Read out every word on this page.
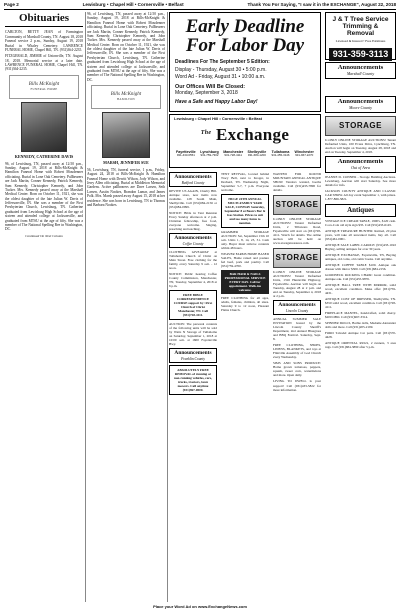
Page 2	Lewisburg • Chapel Hill • Cornersville • Belfast	Thank You For Saying, "I saw it in the EXCHANGE", August 22, 2018
Obituaries

CARLTON, BETTY JEAN of Farmington Community of Marshall County, TN. August 18, 2018 Funeral service 2 p.m., Sunday, August 19, 2018 Burial in Whaley Cemetery. LAWRENCE FUNERAL HOME, Chapel Hill, TN. (931)364-2235.

FITZGERALD, JIMMIE of Unionville, TN. August 18, 2018. Memorial service at a later date. LAWRENCE FUNERAL HOME, Chapel Hill, TN. (931)364-2235.

Bills McKnight
FUNERAL HOME
KENNEDY, CATHERINE DAVIS

96, of Lewisburg, TN, passed away at 12:50 p.m., Sunday, August 19, 2018 at Bills-McKnight & Hamilton Funeral Home with Robert Moudenner officiating. Burial in Lone Oak Cemetery. Pallbearers are Jack Martin, Conner Kennedy, Patrick Kennedy, Sam Kennedy, Christopher Kennedy, and John Tucker. Mrs. Kennedy passed away at the Marshall Medical Center. Born on October 11, 1921, she was the oldest daughter of the late Julian W. Davis of Jeffersonville, IN. She was a member of the First Presbyterian Church, Lewisburg, TN. Catherine graduated from Lewisburg High School at the age of sixteen and attended college at Jacksonville, and graduated from MTSU at the age of fifty. She was a member of The National Spelling Bee in Washington, DC.

Continued On Next Column

96, of Lewisburg, TN, passed away at 12:50 p.m., Sunday, August 19, 2018 at Bills-McKnight & Hamilton Funeral Home with Robert Moudenner officiating. Burial in Lone Oak Cemetery. Pallbearers are Jack Martin, Conner Kennedy, Patrick Kennedy, Sam Kennedy, Christopher Kennedy, and John Tucker. Mrs. Kennedy passed away at the Marshall Medical Center. Born on October 11, 1921, she was the oldest daughter of the late Julian W. Davis of Jeffersonville, IN. She was a member of the First Presbyterian Church, Lewisburg, TN. Catherine graduated from Lewisburg High School at the age of sixteen and attended college at Jacksonville, and graduated from MTSU at the age of fifty. She was a member of The National Spelling Bee in Washington, DC.

Bills McKnight
HAMILTON
MARSH, JENNIFER SUE

56, Lewisburg, TN, funeral service, 1 p.m., Friday, August 24, 2018 at Bills-McKnight & Hamilton Funeral Home with Dewitt Wilson, Jody Wilson, and Jerry Allen officiating. Burial at Middleton Memorial Gardens. Active pallbearers are Dave Larsen, Seth Larsen, Austin Nookes, Brandon Lamar, and James Polk. Mrs. Marsh passed away August 15, 2018 at her residence. She was born in Lewisburg, TN to Thomas and Barbara Nookes.

Early Deadline For Labor Day
Deadlines For The September 5 Edition:
Display - Thursday, August 30 • 5:00 p.m.
Word Ad - Friday, August 31 • 10:00 a.m.
Our Offices Will Be Closed:
Monday, September 3, 2018
Have a Safe and Happy Labor Day!
J & T Tree Service Trimming & Removal
Licensed & Insured • Free Estimates
931-359-3113
Announcements
Marshall County
Lewisburg • Chapel Hill • Cornersville • Belfast
$^{The}$ Exchange
Fayetteville
931-433-6551
Lynchburg
931-759-7302
Manchester
931-728-4111
Shelbyville
931-684-1200
Tullahoma
931-455-3146
Winchester
931-967-2270
Announcements
Bedford County

REVIVE US AGAIN, Charity Hill. Antique store, new items now available. 128 South Main, Shelbyville. Call (931)684-2156 or (931)684-0999.

NOTICE: Bible in Tent Reunion Every Sunday afternoon at 2 p.m. Christian fellowship, free food, everyone welcome. Singing, preaching and teaching.

Announcements
Coffee County

CLOTHING GIVEAWAY at Tullahoma Church of Christ on Main Street. Free clothing for the family, every Saturday 9 a.m. - 12 noon.

NOTICE: Public hearing Coffee County Commission, Manchester, TN, Tuesday, September 4, 2018 at 6 p.m.

FREE BIBLE CORRESPONDENCE COURSE support by: First Church of Christ Manchester, TN. Call (931)728-4111.

AUCTION: The personal contents of the following units will be sold by Watts N Storage of Tullahoma on Saturday, September 1, 2018 at 10:00 a.m. at 1600 Fayetteville Hwy.

Announcements
Franklin County
ABSOLUTELY FREE REMOVAL of running or non-running vehicles, cars, trucks, tractors, lawn mowers. Call anytime (931)967-0000.

TENT REVIVAL, located behind Tracy Bell, next to Kroger, in Decherd, TN. Wednesday Night, September 5-7, 7 p.m. Everyone welcome.

HUGE 24TH ANNUAL MULTI-FAMILY YARD SALE, CONWAY Saturday, September 8 at Bean's Bar & Gas Station. Prices to suit and too many items to mention.

GRAMMER STORAGE AUCTION: Sat, September 15th 10 a.m. Units 1, 8, 14, 23, 31. Cash only. Buyer must remove contents within 48 hours.

WEAVER FARMS HOME BASED SALES, Home raised and pasture fed beef, pork and poultry. Call (931)759-4700.

BAR HAIR & NAILS PROFESSIONAL SERVICE EVERY DAY. Call for appointment. Walk-ins welcome.

FREE CLOTHING for all ages, adults, females, children, all sizes. Saturday 9 to 12 noon, Pleasant Plains Church.

WANTED FOR ROUND MOUNTAIN ANNUAL ANTIQUE SHOW. Vendors wanted, booths available. Call (931)433-7890 for details.

STORAGE

U-ONLY ONLINE STORAGE AUCTIONS! Tenant Defaulted Units, 2 Tillotsons Road, Fayetteville will start on (931)728-4111. Watch for details. The online auction will be held on www.storagetreasures.com.

STORAGE

U-ONLY ONLINE STORAGE AUCTIONS! Tenant Defaulted Units, 1316 Huntsville Highway, Fayetteville. Auction will begin on Tuesday, August 28 at 2 p.m. and end on Tuesday, September 4, 2018 at 2 p.m.

Announcements
Lincoln County

ANNUAL SUMMER SALE INVITATION hosted by the Lincoln County Sheriff's Department, 2nd Annual Bluegrass and BBQ Festival. Saturday, Sept. 8.

FREE CLOTHING, SHOES, LINENS, BLANKETS, and toys at Flintville Assembly of God Church every Wednesday.

SIMS AND SONS PRODUCE: Home grown tomatoes, peppers, squash, sweet corn, watermelons and more. Open daily.

LIVING TO DWELL is your support! Call (931)433-5822 for more information.

Announcements
Moore County
STORAGE

U-ONLY ONLINE STORAGE AUCTIONS! Tenant Defaulted Units, 100 Evans Drive, Lynchburg, TN. Auction will begin on Tuesday, August 28, 2018 and end on Tuesday, September 4, 2018.

Announcements
Out of Area

JEANNE D. CONNER - Storage Building Auctions. Lewisburg, Auction will start Saturday. See more details for info.

JACKSON COUNTY ANTIQUE AND CLASSIC CAR SHOW. All day event September 1, with prizes. 1-877-866-5821.

Antiques

VINTAGE ICE CREAM TABLE, 1900's, $120 cash. Coca-Cola old style sign $35. Call (931)433-6145.

ANTIQUE TREASURE HUNTER: Retired, 20 plus years, will take all unwanted items, buy all. Call (931)461-0001.

ANTIQUE SALE LABEL CAROLE: (931)433-1022 Buying, selling antiques for over 30 years.

ANTIQUE EXCHANGE, Fayetteville, TN, Buying antiques, old coins, old comic books. Call anytime.

ANTIQUE COFFEE TABLE $100. Antique oak dresser with mirror $300. Call (931)684-2156.

GOODNECK ROCKING CHAIR: Great condition. Antique oak. Call (931)455-9876.

ANTIQUE HALL TREE WITH MIRROR, solid wood, excellent condition. Make offer (931)759-4431.

ANTIQUE COST OF DRESSER, Shelbyville, TN. $350 solid wood, excellent condition. Call (931)728-4111.

FIREPLACE MANTEL, handcrafted, solid cherry. $200 OBO. Call (931)967-3314.

SPINNER DOLLS, Barbie dolls, Madame Alexander dolls and more. Call (931)205-2199.

FORD T-model Antique Car parts. Call (931)570-4428.

ANTIQUE ORIENTAL RUGS, 2 runners, 3 area rugs. Call (931)684-3890 after 5 p.m.

Place your Word Ad on www.ExchangeNews.com
